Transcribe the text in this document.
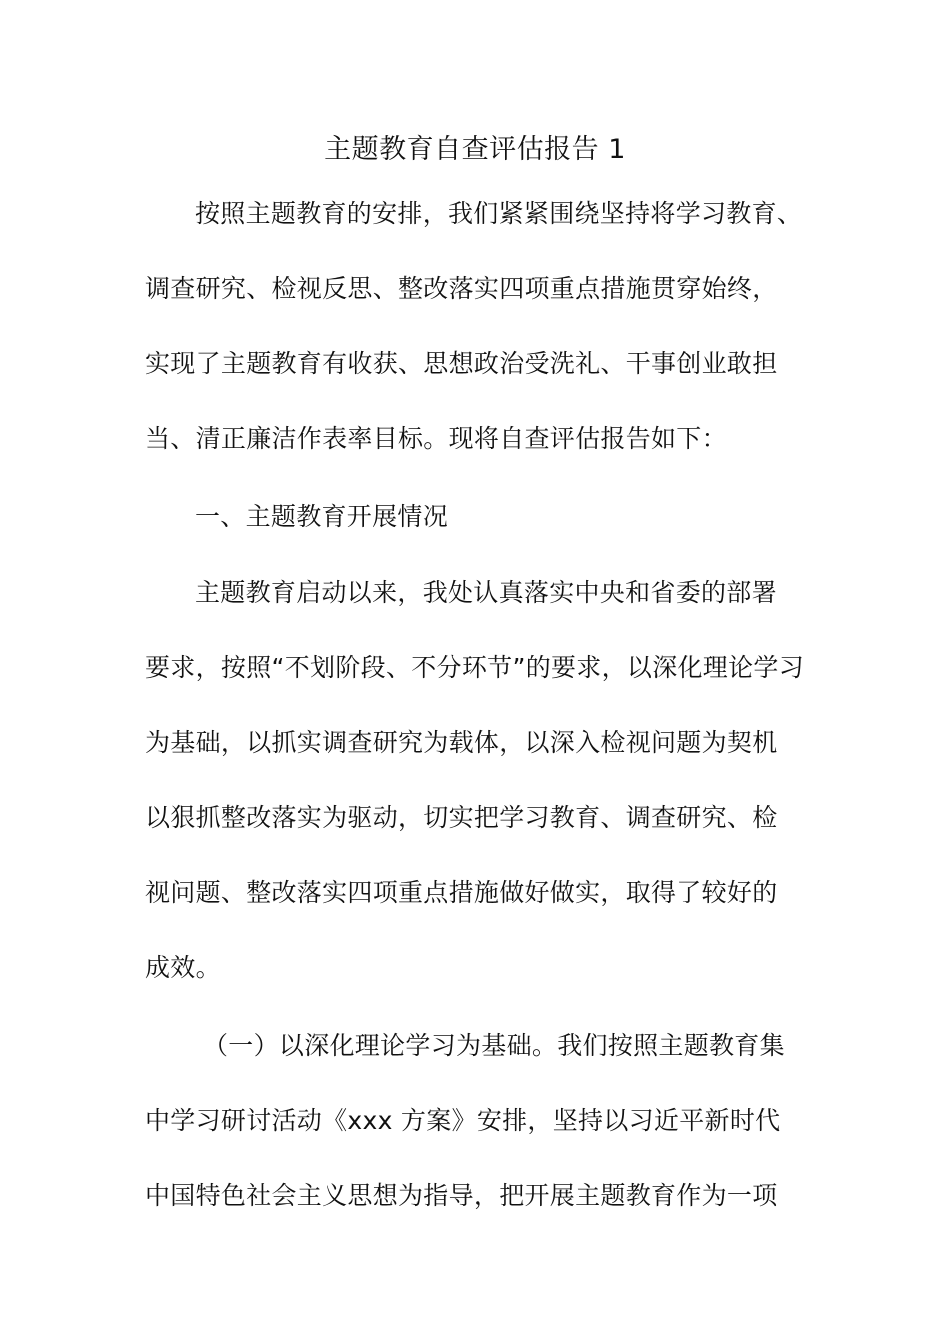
主题教育自查评估报告 1
按照主题教育的安排，我们紧紧围绕坚持将学习教育、
调查研究、检视反思、整改落实四项重点措施贯穿始终，
实现了主题教育有收获、思想政治受洗礼、干事创业敢担
当、清正廉洁作表率目标。现将自查评估报告如下：
一、主题教育开展情况
主题教育启动以来，我处认真落实中央和省委的部署
要求，按照“不划阶段、不分环节”的要求，以深化理论学习
为基础，以抓实调查研究为载体，以深入检视问题为契机
以狠抓整改落实为驱动，切实把学习教育、调查研究、检
视问题、整改落实四项重点措施做好做实，取得了较好的
成效。
（一）以深化理论学习为基础。我们按照主题教育集
中学习研讨活动《xxx 方案》安排，坚持以习近平新时代
中国特色社会主义思想为指导，把开展主题教育作为一项
